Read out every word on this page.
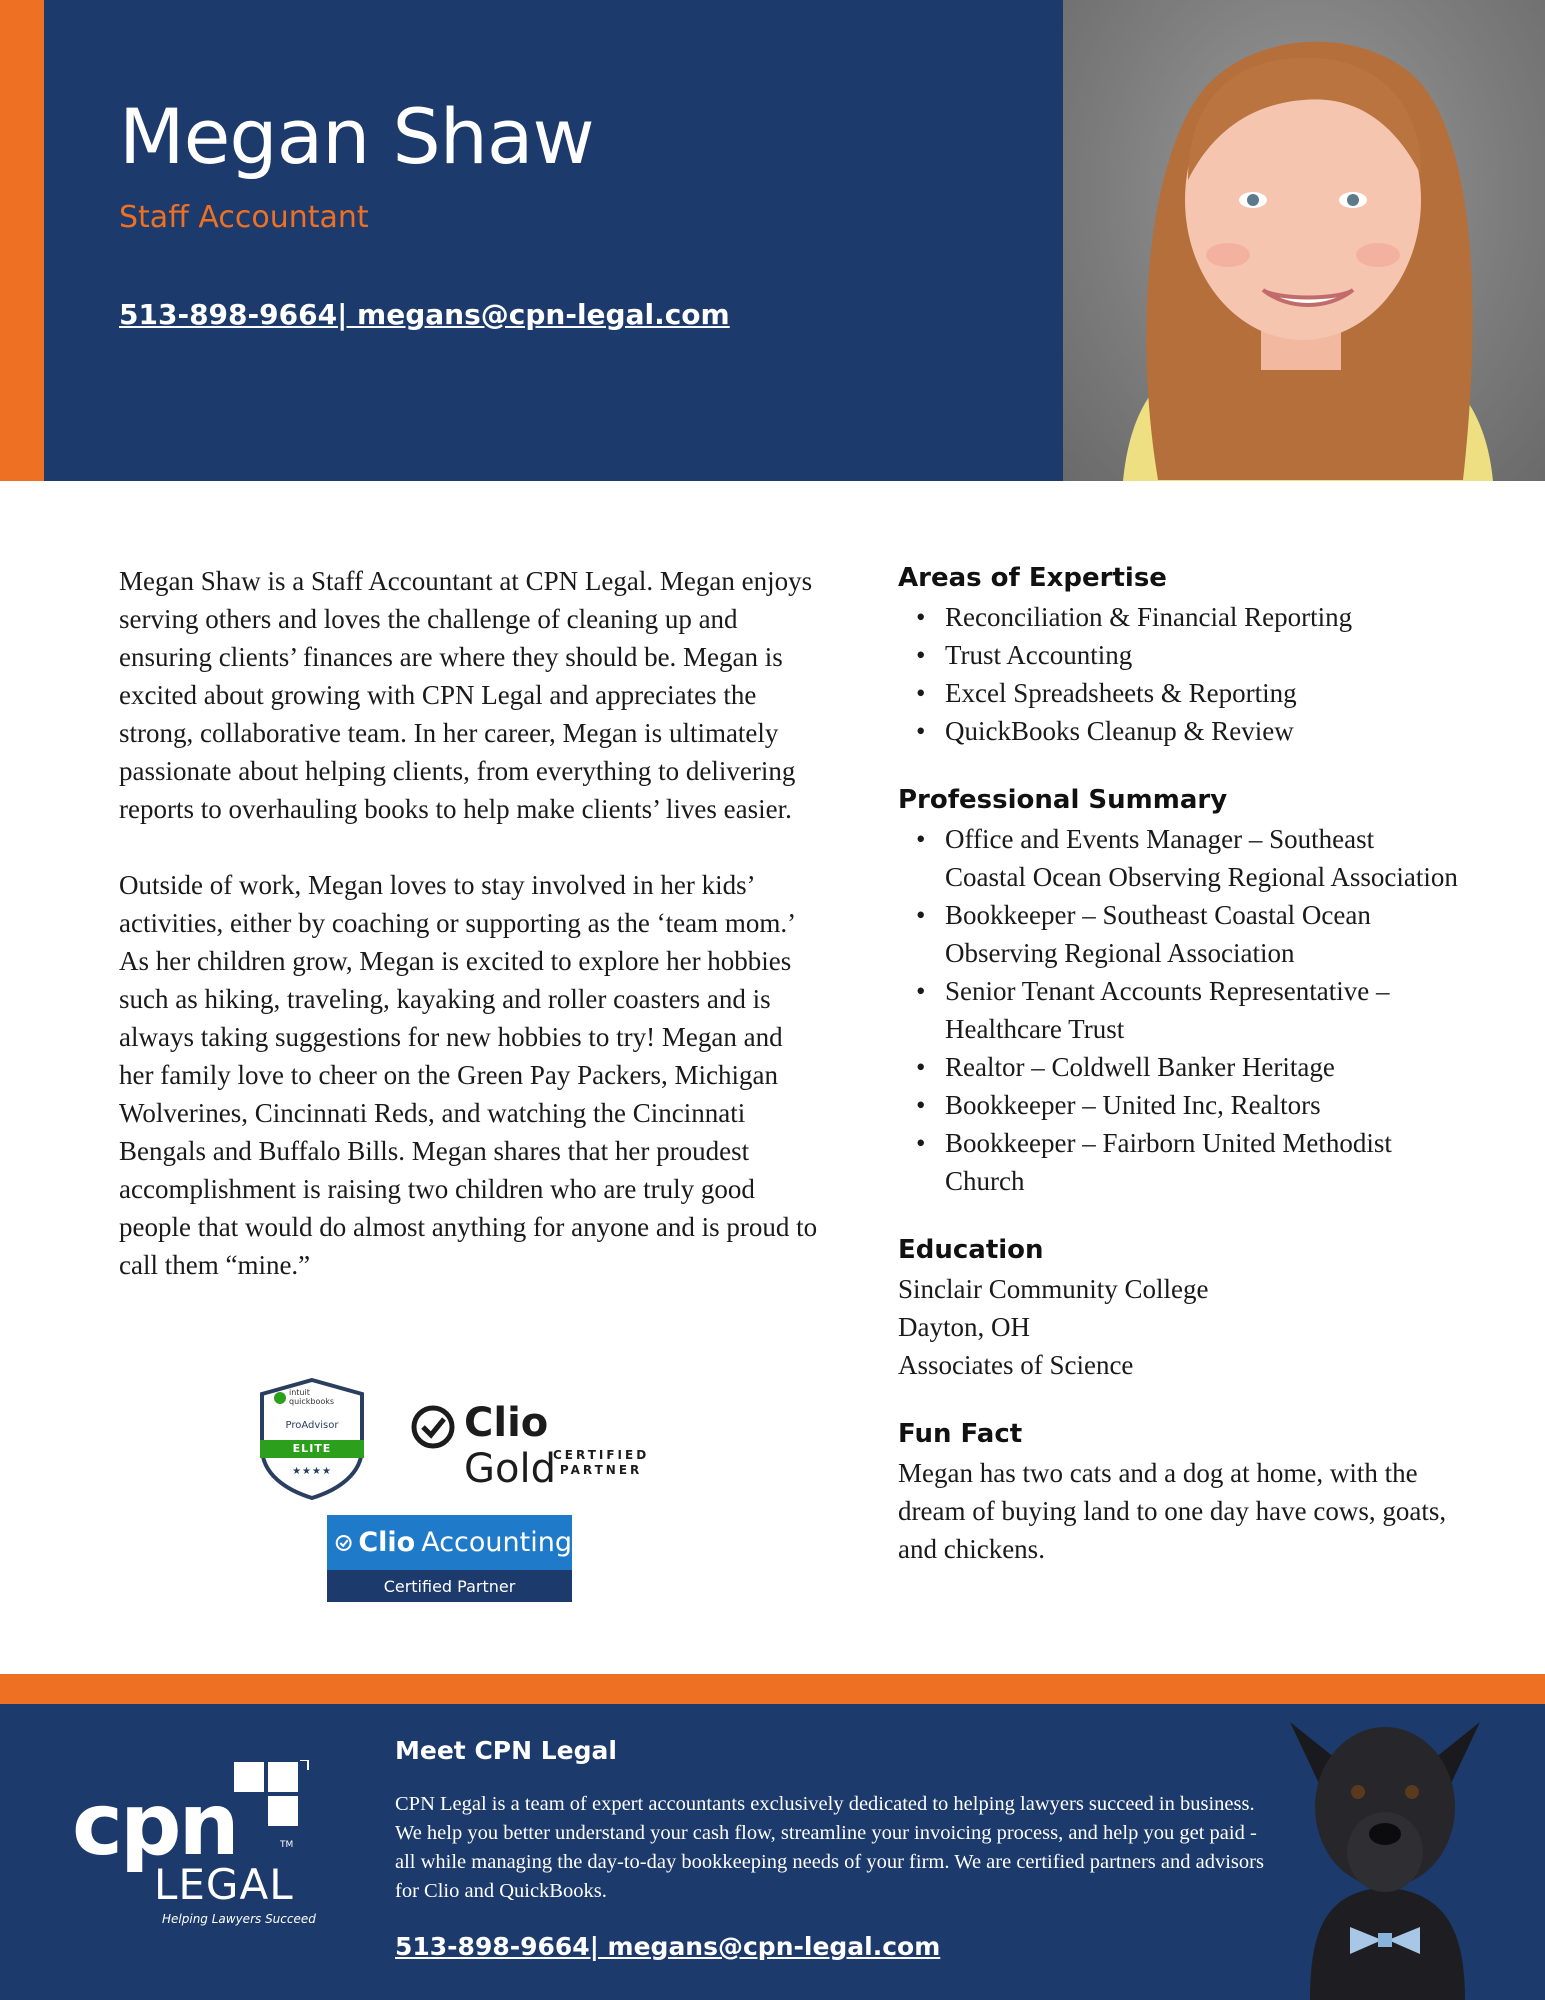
Megan Shaw
Staff Accountant
513-898-9664| megans@cpn-legal.com

Megan Shaw is a Staff Accountant at CPN Legal. Megan enjoys serving others and loves the challenge of cleaning up and ensuring clients’ finances are where they should be. Megan is excited about growing with CPN Legal and appreciates the strong, collaborative team. In her career, Megan is ultimately passionate about helping clients, from everything to delivering reports to overhauling books to help make clients’ lives easier.

Outside of work, Megan loves to stay involved in her kids’ activities, either by coaching or supporting as the ‘team mom.’ As her children grow, Megan is excited to explore her hobbies such as hiking, traveling, kayaking and roller coasters and is always taking suggestions for new hobbies to try! Megan and her family love to cheer on the Green Pay Packers, Michigan Wolverines, Cincinnati Reds, and watching the Cincinnati Bengals and Buffalo Bills. Megan shares that her proudest accomplishment is raising two children who are truly good people that would do almost anything for anyone and is proud to call them “mine.”

Areas of Expertise
• Reconciliation & Financial Reporting
• Trust Accounting
• Excel Spreadsheets & Reporting
• QuickBooks Cleanup & Review
Professional Summary
• Office and Events Manager – Southeast Coastal Ocean Observing Regional Association
• Bookkeeper – Southeast Coastal Ocean Observing Regional Association
• Senior Tenant Accounts Representative – Healthcare Trust
• Realtor – Coldwell Banker Heritage
• Bookkeeper – United Inc, Realtors
• Bookkeeper – Fairborn United Methodist Church
Education
Sinclair Community College
Dayton, OH
Associates of Science
Fun Fact
Megan has two cats and a dog at home, with the dream of buying land to one day have cows, goats, and chickens.
intuit quickbooks
ProAdvisor
ELITE
★★★★
Clio Gold
CERTIFIED
PARTNER
Clio Accounting
Certified Partner
cpn	TM
LEGAL
Helping Lawyers Succeed
Meet CPN Legal
CPN Legal is a team of expert accountants exclusively dedicated to helping lawyers succeed in business. We help you better understand your cash flow, streamline your invoicing process, and help you get paid - all while managing the day-to-day bookkeeping needs of your firm. We are certified partners and advisors for Clio and QuickBooks.
513-898-9664| megans@cpn-legal.com
